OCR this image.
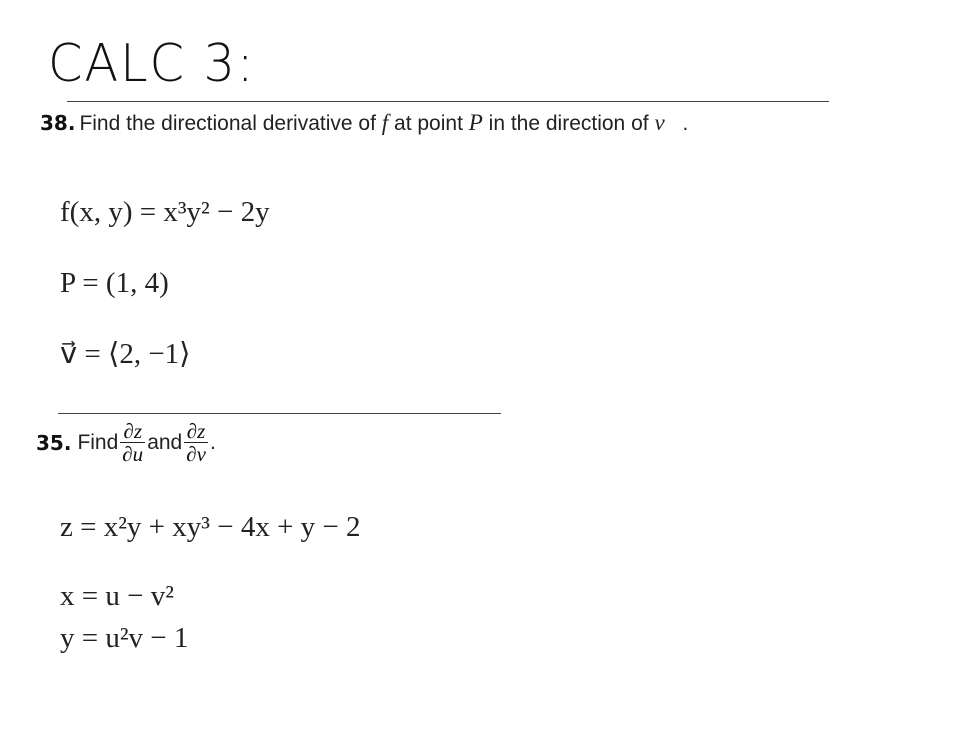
CALC 3:
38. Find the directional derivative of f at point P in the direction of v⃗.
f(x, y) = x³y² − 2y
P = (1, 4)
v⃗ = ⟨2, −1⟩
35. Find $\frac{\partial z}{\partial u}$ and $\frac{\partial z}{\partial v}$ .
z = x²y + xy³ − 4x + y − 2
x = u − v²
y = u²v − 1
